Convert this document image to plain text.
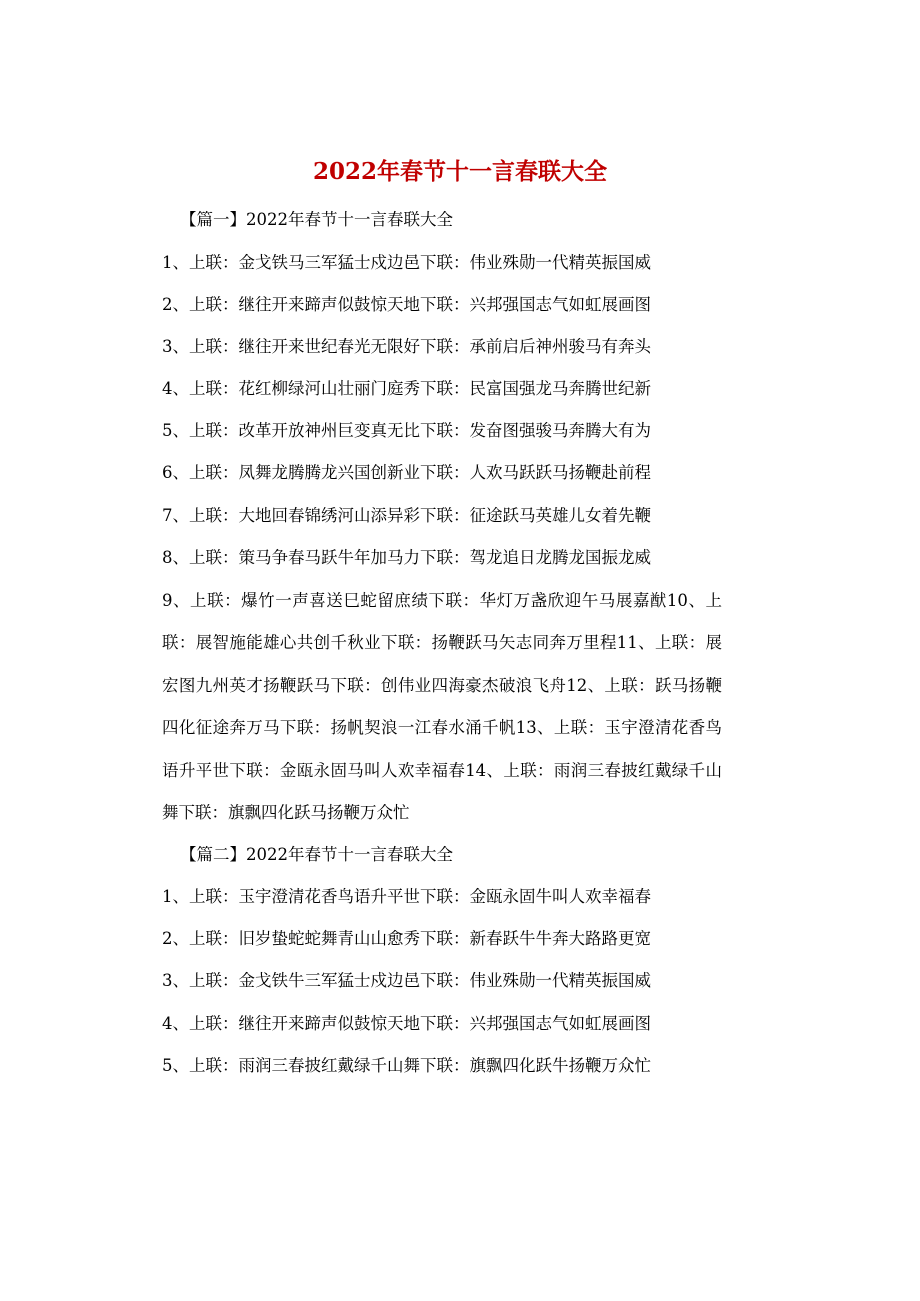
2022年春节十一言春联大全

【篇一】2022年春节十一言春联大全

1、上联：金戈铁马三军猛士戍边邑下联：伟业殊勋一代精英振国威

2、上联：继往开来蹄声似鼓惊天地下联：兴邦强国志气如虹展画图

3、上联：继往开来世纪春光无限好下联：承前启后神州骏马有奔头

4、上联：花红柳绿河山壮丽门庭秀下联：民富国强龙马奔腾世纪新

5、上联：改革开放神州巨变真无比下联：发奋图强骏马奔腾大有为

6、上联：凤舞龙腾腾龙兴国创新业下联：人欢马跃跃马扬鞭赴前程

7、上联：大地回春锦绣河山添异彩下联：征途跃马英雄儿女着先鞭

8、上联：策马争春马跃牛年加马力下联：驾龙追日龙腾龙国振龙威

9、上联：爆竹一声喜送巳蛇留庶绩下联：华灯万盏欣迎午马展嘉猷10、上联：展智施能雄心共创千秋业下联：扬鞭跃马矢志同奔万里程11、上联：展宏图九州英才扬鞭跃马下联：创伟业四海豪杰破浪飞舟12、上联：跃马扬鞭四化征途奔万马下联：扬帆契浪一江春水涌千帆13、上联：玉宇澄清花香鸟语升平世下联：金瓯永固马叫人欢幸福春14、上联：雨润三春披红戴绿千山舞下联：旗飘四化跃马扬鞭万众忙

【篇二】2022年春节十一言春联大全

1、上联：玉宇澄清花香鸟语升平世下联：金瓯永固牛叫人欢幸福春

2、上联：旧岁蛰蛇蛇舞青山山愈秀下联：新春跃牛牛奔大路路更宽

3、上联：金戈铁牛三军猛士戍边邑下联：伟业殊勋一代精英振国威

4、上联：继往开来蹄声似鼓惊天地下联：兴邦强国志气如虹展画图

5、上联：雨润三春披红戴绿千山舞下联：旗飘四化跃牛扬鞭万众忙
